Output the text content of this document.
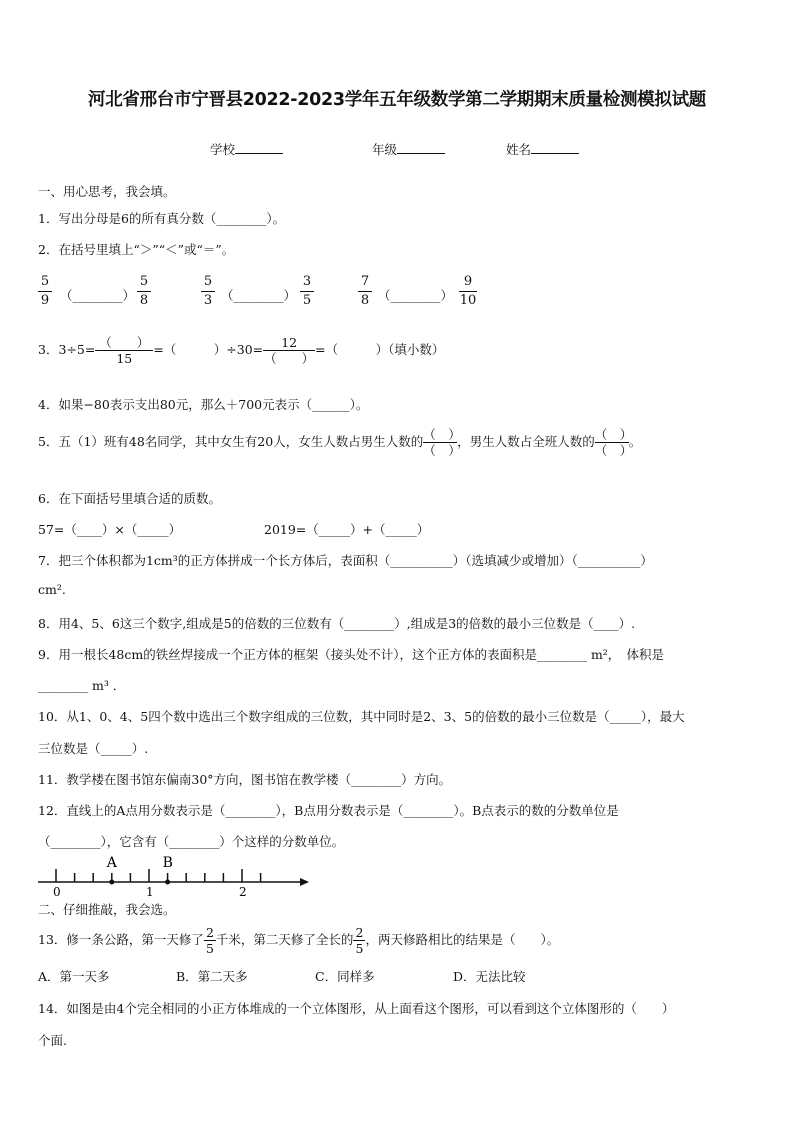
河北省邢台市宁晋县2022-2023学年五年级数学第二学期期末质量检测模拟试题
学校	年级	姓名
一、用心思考，我会填。
1．写出分母是6的所有真分数（________）。
2．在括号里填上“＞”“＜”或“＝”。
5
9 （________）
5
8
5
3 （________）
3
5
7
8 （________）
9
10
3．3÷5= （　　）
15
=（　　　）÷30=	12
（　　）
=（　　　）（填小数）
4．如果−80表示支出80元，那么＋700元表示（______）。
5．五（1）班有48名同学，其中女生有20人，女生人数占男生人数的 （　）
（　）
，男生人数占全班人数的 （　）
（　）
。
6．在下面括号里填合适的质数。
57=（____）×（_____）	2019=（_____）+（_____）
7．把三个体积都为1cm³的正方体拼成一个长方体后，表面积（__________）（选填减少或增加）（__________）
cm².
8．用4、5、6这三个数字,组成是5的倍数的三位数有（________）,组成是3的倍数的最小三位数是（____）.
9．用一根长48cm的铁丝焊接成一个正方体的框架（接头处不计），这个正方体的表面积是________ m²，　体积是
________ m³ ．
10．从1、0、4、5四个数中选出三个数字组成的三位数，其中同时是2、3、5的倍数的最小三位数是（_____），最大
三位数是（_____）.
11．教学楼在图书馆东偏南30°方向，图书馆在教学楼（________）方向。
12．直线上的A点用分数表示是（________），B点用分数表示是（________）。B点表示的数的分数单位是
（________），它含有（________）个这样的分数单位。
0	1	2
A	B
二、仔细推敲，我会选。
13．修一条公路，第一天修了 $\frac{2}{5}$ 千米，第二天修了全长的 $\frac{2}{5}$ ，两天修路相比的结果是（　　）。
A．第一天多	B．第二天多	C．同样多	D．无法比较
14．如图是由4个完全相同的小正方体堆成的一个立体图形，从上面看这个图形，可以看到这个立体图形的（　　）
个面.
